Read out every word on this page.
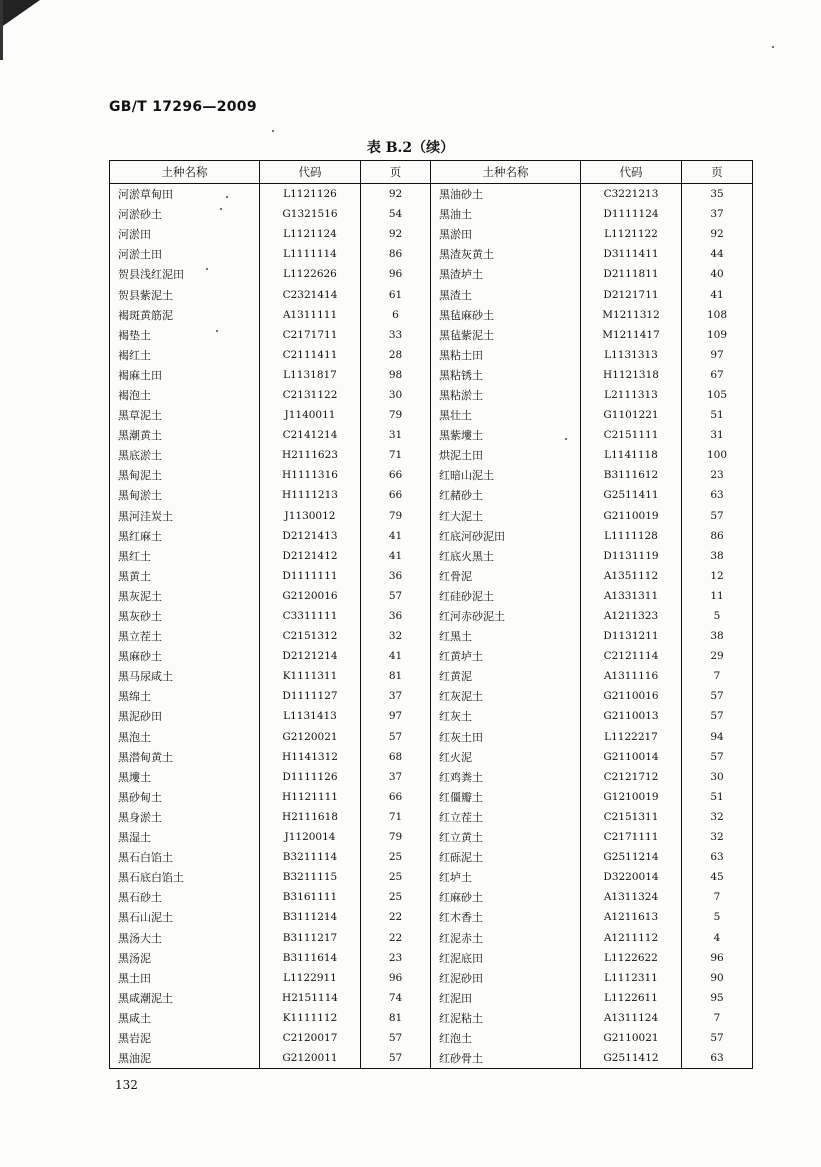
GB/T 17296—2009
表 B.2（续）
土种名称	代码	页	土种名称	代码	页
河淤草甸田	L1121126	92	黑油砂土	C3221213	35
河淤砂土	G1321516	54	黑油土	D1111124	37
河淤田	L1121124	92	黑淤田	L1121122	92
河淤土田	L1111114	86	黑渣灰黄土	D3111411	44
贺县浅红泥田	L1122626	96	黑渣垆土	D2111811	40
贺县紫泥土	C2321414	61	黑渣土	D2121711	41
褐斑黄筋泥	A1311111	6	黑毡麻砂土	M1211312	108
褐垫土	C2171711	33	黑毡紫泥土	M1211417	109
褐红土	C2111411	28	黑粘土田	L1131313	97
褐麻土田	L1131817	98	黑粘锈土	H1121318	67
褐泡土	C2131122	30	黑粘淤土	L2111313	105
黑草泥土	J1140011	79	黑壮土	G1101221	51
黑潮黄土	C2141214	31	黑紫塿土	C2151111	31
黑底淤土	H2111623	71	烘泥土田	L1141118	100
黑甸泥土	H1111316	66	红暗山泥土	B3111612	23
黑甸淤土	H1111213	66	红赭砂土	G2511411	63
黑河洼炭土	J1130012	79	红大泥土	G2110019	57
黑红麻土	D2121413	41	红底河砂泥田	L1111128	86
黑红土	D2121412	41	红底火黑土	D1131119	38
黑黄土	D1111111	36	红骨泥	A1351112	12
黑灰泥土	G2120016	57	红硅砂泥土	A1331311	11
黑灰砂土	C3311111	36	红河赤砂泥土	A1211323	5
黑立茬土	C2151312	32	红黑土	D1131211	38
黑麻砂土	D2121214	41	红黄垆土	C2121114	29
黑马尿咸土	K1111311	81	红黄泥	A1311116	7
黑绵土	D1111127	37	红灰泥土	G2110016	57
黑泥砂田	L1131413	97	红灰土	G2110013	57
黑泡土	G2120021	57	红灰土田	L1122217	94
黑潜甸黄土	H1141312	68	红火泥	G2110014	57
黑塿土	D1111126	37	红鸡粪土	C2121712	30
黑砂甸土	H1121111	66	红僵瓣土	G1210019	51
黑身淤土	H2111618	71	红立茬土	C2151311	32
黑湿土	J1120014	79	红立黄土	C2171111	32
黑石白馅土	B3211114	25	红砾泥土	G2511214	63
黑石底白馅土	B3211115	25	红垆土	D3220014	45
黑石砂土	B3161111	25	红麻砂土	A1311324	7
黑石山泥土	B3111214	22	红木香土	A1211613	5
黑汤大土	B3111217	22	红泥赤土	A1211112	4
黑汤泥	B3111614	23	红泥底田	L1122622	96
黑土田	L1122911	96	红泥砂田	L1112311	90
黑咸潮泥土	H2151114	74	红泥田	L1122611	95
黑咸土	K1111112	81	红泥粘土	A1311124	7
黑岩泥	C2120017	57	红泡土	G2110021	57
黑油泥	G2120011	57	红砂骨土	G2511412	63
132
